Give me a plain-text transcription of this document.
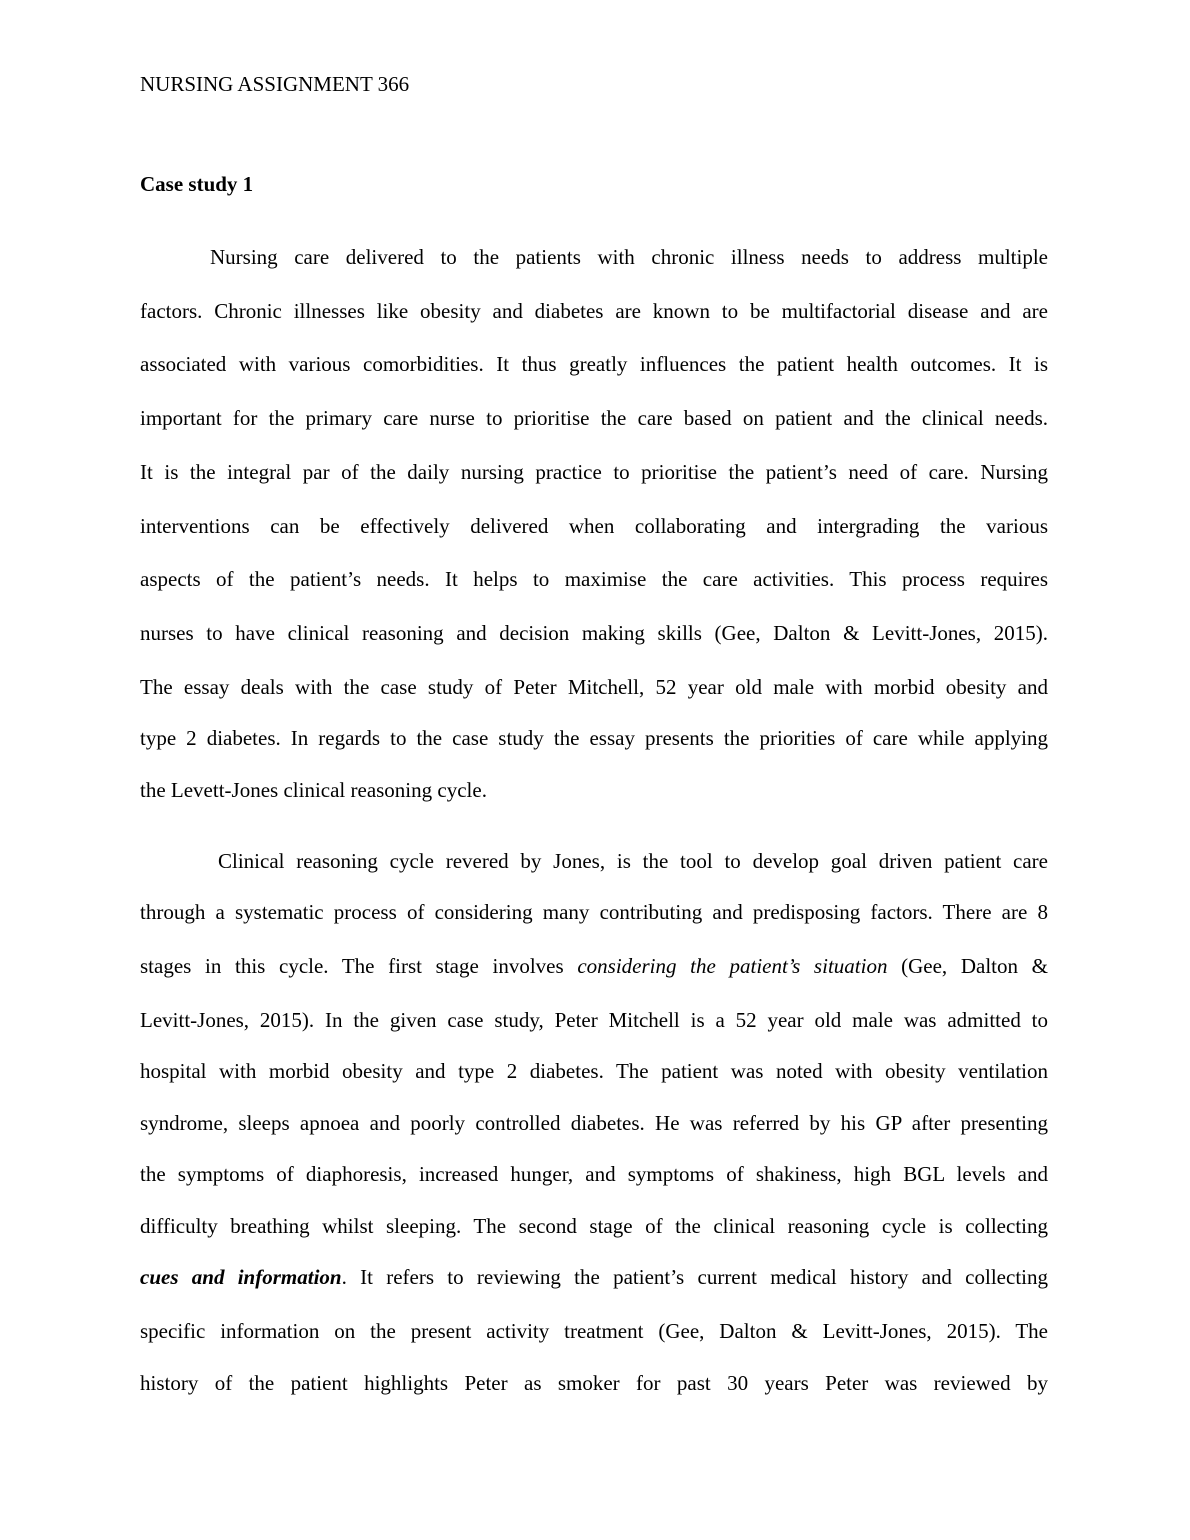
NURSING ASSIGNMENT 366
Case study 1
Nursing care delivered to the patients with chronic illness needs to address multiple
factors. Chronic illnesses like obesity and diabetes are known to be multifactorial disease and are
associated with various comorbidities. It thus greatly influences the patient health outcomes. It is
important for the primary care nurse to prioritise the care based on patient and the clinical needs.
It is the integral par of the daily nursing practice to prioritise the patient’s need of care. Nursing
interventions can be effectively delivered when collaborating and intergrading the various
aspects of the patient’s needs. It helps to maximise the care activities. This process requires
nurses to have clinical reasoning and decision making skills (Gee, Dalton & Levitt-Jones, 2015).
The essay deals with the case study of Peter Mitchell, 52 year old male with morbid obesity and
type 2 diabetes. In regards to the case study the essay presents the priorities of care while applying
the Levett-Jones clinical reasoning cycle.
Clinical reasoning cycle revered by Jones, is the tool to develop goal driven patient care
through a systematic process of considering many contributing and predisposing factors. There are 8
stages in this cycle. The first stage involves considering the patient’s situation (Gee, Dalton &
Levitt-Jones, 2015). In the given case study, Peter Mitchell is a 52 year old male was admitted to
hospital with morbid obesity and type 2 diabetes. The patient was noted with obesity ventilation
syndrome, sleeps apnoea and poorly controlled diabetes. He was referred by his GP after presenting
the symptoms of diaphoresis, increased hunger, and symptoms of shakiness, high BGL levels and
difficulty breathing whilst sleeping. The second stage of the clinical reasoning cycle is collecting
cues and information. It refers to reviewing the patient’s current medical history and collecting
specific information on the present activity treatment (Gee, Dalton & Levitt-Jones, 2015). The
history of the patient highlights Peter as smoker for past 30 years Peter was reviewed by
